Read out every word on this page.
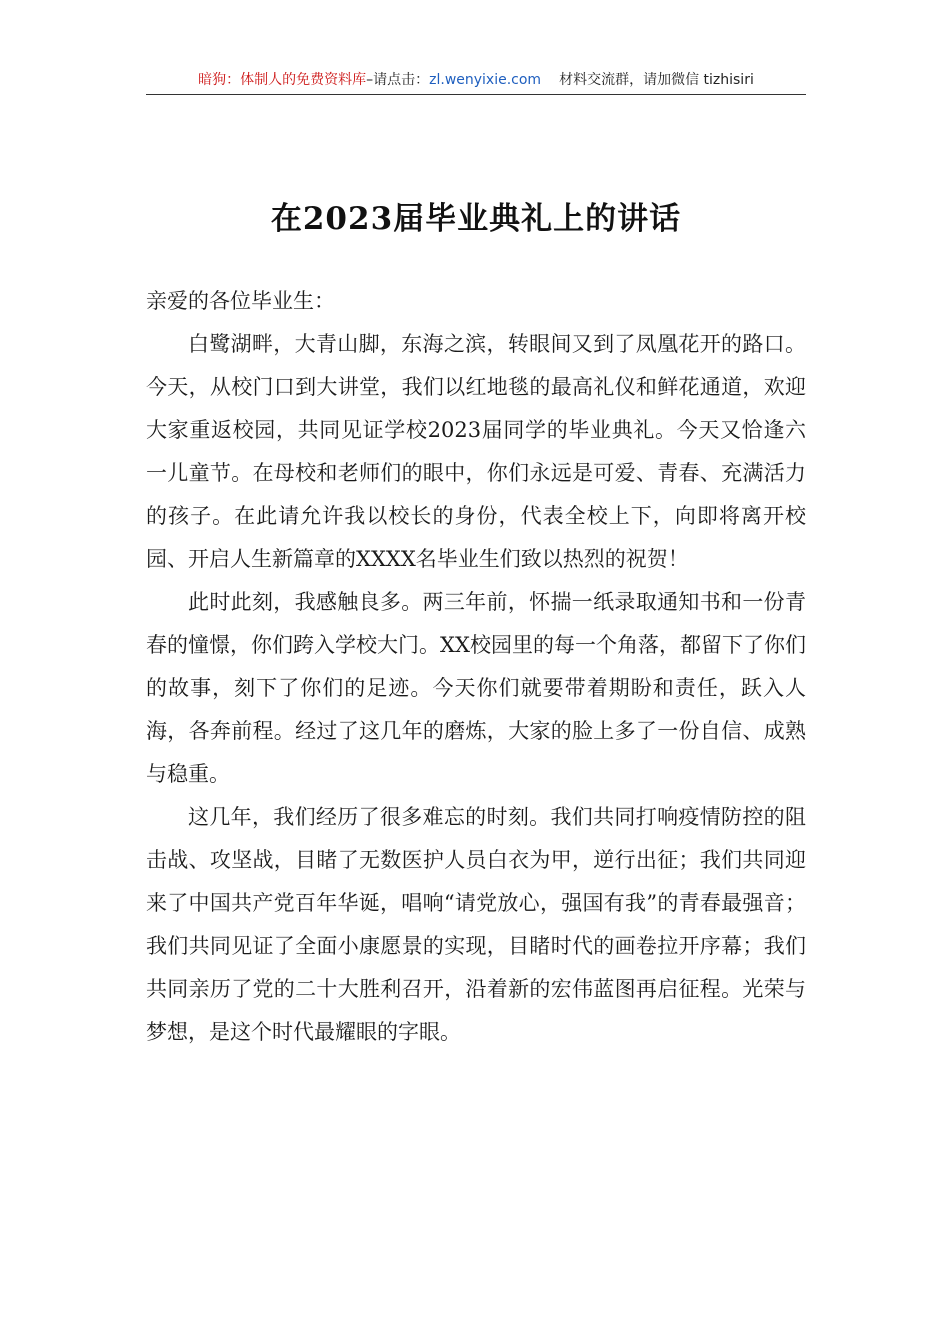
暗狗：体制人的免费资料库 –请点击： zl.wenyixie.com 材料交流群，请加微信 tizhisiri
在2023届毕业典礼上的讲话

亲爱的各位毕业生：

白鹭湖畔，大青山脚，东海之滨，转眼间又到了凤凰花开的路口。今天，从校门口到大讲堂，我们以红地毯的最高礼仪和鲜花通道，欢迎大家重返校园，共同见证学校2023届同学的毕业典礼。今天又恰逢六一儿童节。在母校和老师们的眼中，你们永远是可爱、青春、充满活力的孩子。在此请允许我以校长的身份，代表全校上下，向即将离开校园、开启人生新篇章的XXXX名毕业生们致以热烈的祝贺！

此时此刻，我感触良多。两三年前，怀揣一纸录取通知书和一份青春的憧憬，你们跨入学校大门。XX校园里的每一个角落，都留下了你们的故事，刻下了你们的足迹。今天你们就要带着期盼和责任，跃入人海，各奔前程。经过了这几年的磨炼，大家的脸上多了一份自信、成熟与稳重。

这几年，我们经历了很多难忘的时刻。我们共同打响疫情防控的阻击战、攻坚战，目睹了无数医护人员白衣为甲，逆行出征；我们共同迎来了中国共产党百年华诞，唱响“请党放心，强国有我”的青春最强音；我们共同见证了全面小康愿景的实现，目睹时代的画卷拉开序幕；我们共同亲历了党的二十大胜利召开，沿着新的宏伟蓝图再启征程。光荣与梦想，是这个时代最耀眼的字眼。
